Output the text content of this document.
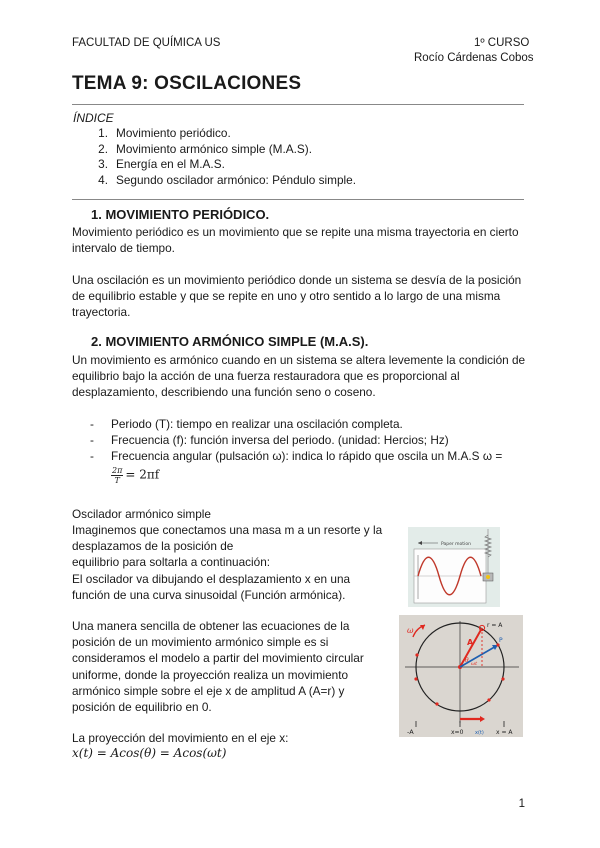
FACULTAD DE QUÍMICA US	1º CURSO
Rocío Cárdenas Cobos
TEMA 9: OSCILACIONES
ÍNDICE
1. Movimiento periódico.
2. Movimiento armónico simple (M.A.S).
3. Energía en el M.A.S.
4. Segundo oscilador armónico: Péndulo simple.
1. MOVIMIENTO PERIÓDICO.
Movimiento periódico es un movimiento que se repite una misma trayectoria en cierto intervalo de tiempo.
Una oscilación es un movimiento periódico donde un sistema se desvía de la posición de equilibrio estable y que se repite en uno y otro sentido a lo largo de una misma trayectoria.
2. MOVIMIENTO ARMÓNICO SIMPLE (M.A.S).
Un movimiento es armónico cuando en un sistema se altera levemente la condición de equilibrio bajo la acción de una fuerza restauradora que es proporcional al desplazamiento, describiendo una función seno o coseno.
-	Periodo (T): tiempo en realizar una oscilación completa.
-	Frecuencia (f): función inversa del periodo. (unidad: Hercios; Hz)
-	Frecuencia angular (pulsación ω): indica lo rápido que oscila un M.A.S ω =
$\frac{2\pi}{T} = 2\pi f$
Oscilador armónico simple
Imaginemos que conectamos una masa m a un resorte y la
desplazamos de la posición de
equilibrio para soltarla a continuación:
El oscilador va dibujando el desplazamiento x en una
función de una curva sinusoidal (Función armónica).
Paper motion
Una manera sencilla de obtener las ecuaciones de la
posición de un movimiento armónico simple es si
consideramos el modelo a partir del movimiento circular
uniforme, donde la proyección realiza un movimiento
armónico simple sobre el eje x de amplitud A (A=r) y
posición de equilibrio en 0.
ω
A
r = A
P
θ ωt
-A	x=0 x(t) x = A
La proyección del movimiento en el eje x:
x(t) = Acos(θ) = Acos(ωt)
1
